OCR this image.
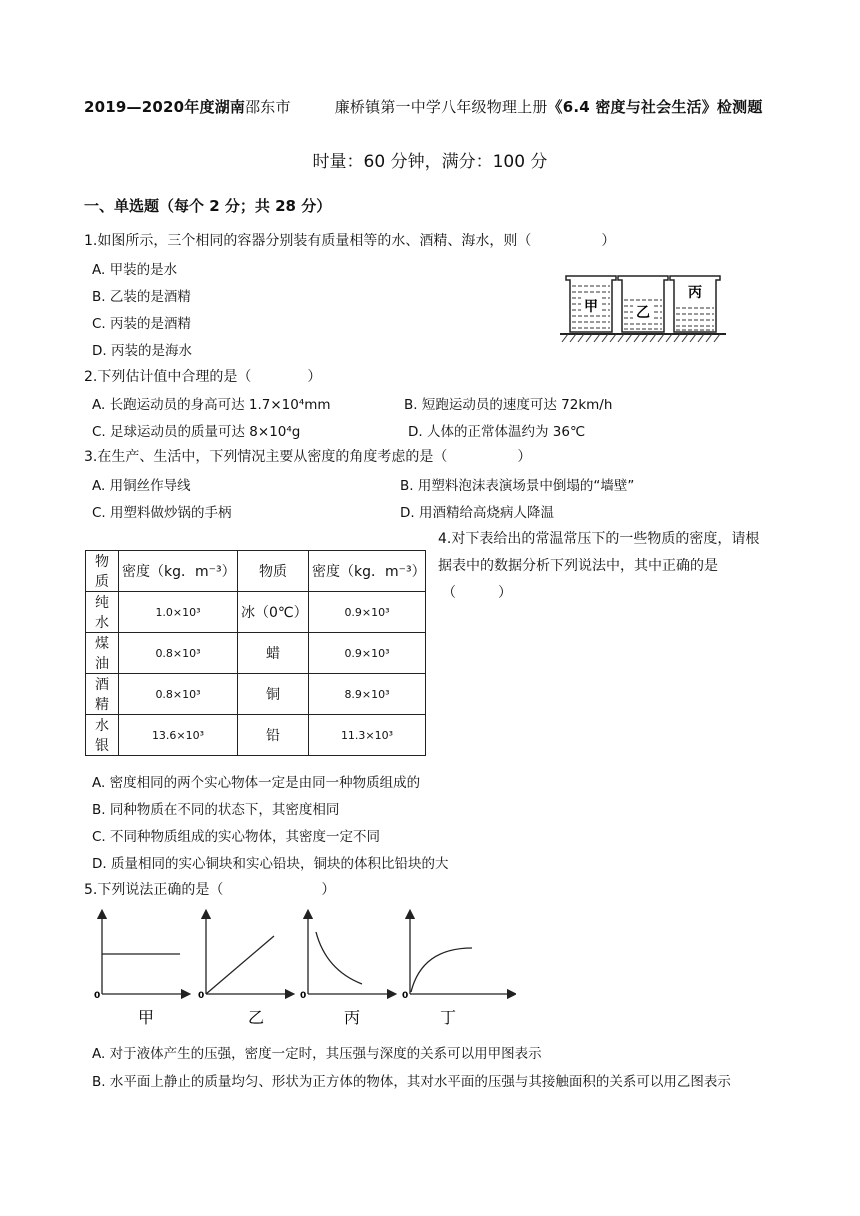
2019—2020年度湖南邵东市	廉桥镇第一中学八年级物理上册《6.4 密度与社会生活》检测题
时量：60 分钟，满分：100 分
一、单选题（每个 2 分；共 28 分）
1.如图所示，三个相同的容器分别装有质量相等的水、酒精、海水，则（　　　　　）
A. 甲装的是水
B. 乙装的是酒精
C. 丙装的是酒精
D. 丙装的是海水
甲	乙
丙
2.下列估计值中合理的是（　　　　）
A. 长跑运动员的身高可达 1.7×10⁴mm	B. 短跑运动员的速度可达 72km/h
C. 足球运动员的质量可达 8×10⁴g	D. 人体的正常体温约为 36℃
3.在生产、生活中，下列情况主要从密度的角度考虑的是（　　　　　）
A. 用铜丝作导线	B. 用塑料泡沫表演场景中倒塌的“墙壁”
C. 用塑料做炒锅的手柄	D. 用酒精给高烧病人降温
4.对下表给出的常温常压下的一些物质的密度，请根
据表中的数据分析下列说法中，其中正确的是
（　　　）
物质	密度（kg．m⁻³）	物质	密度（kg．m⁻³）
纯水	1.0×10³	冰（0℃）	0.9×10³
煤油	0.8×10³	蜡	0.9×10³
酒精	0.8×10³	铜	8.9×10³
水银	13.6×10³	铅	11.3×10³
A. 密度相同的两个实心物体一定是由同一种物质组成的
B. 同种物质在不同的状态下，其密度相同
C. 不同种物质组成的实心物体，其密度一定不同
D. 质量相同的实心铜块和实心铅块，铜块的体积比铅块的大
5.下列说法正确的是（　　　　　　　）
0	0	0	0
甲	乙	丙	丁
A. 对于液体产生的压强，密度一定时，其压强与深度的关系可以用甲图表示
B. 水平面上静止的质量均匀、形状为正方体的物体，其对水平面的压强与其接触面积的关系可以用乙图表示
